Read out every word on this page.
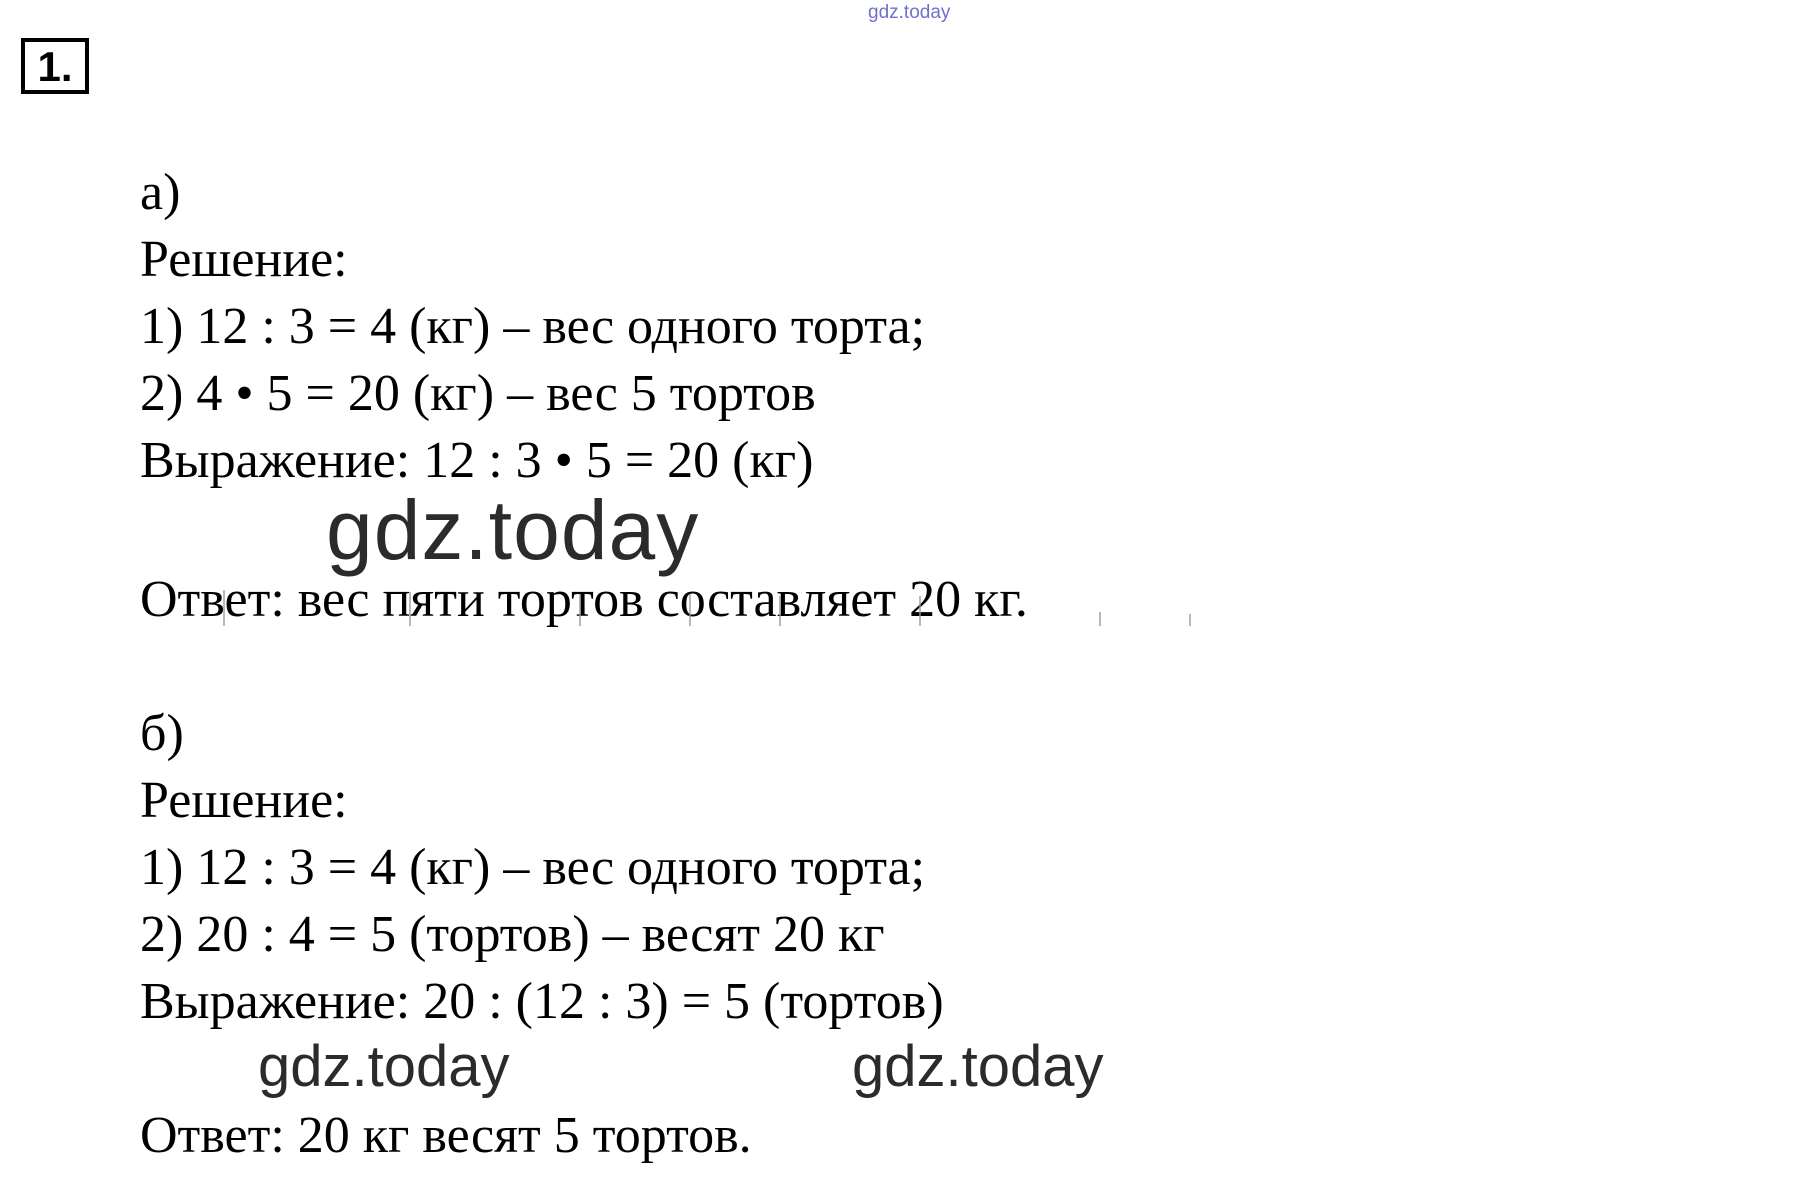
gdz.today
1.
а)
Решение:
1) 12 : 3 = 4 (кг) – вес одного торта;
2) 4 • 5 = 20 (кг) – вес 5 тортов
Выражение: 12 : 3 • 5 = 20 (кг)
gdz.today
Ответ: вес пяти тортов составляет 20 кг.
б)
Решение:
1) 12 : 3 = 4 (кг) – вес одного торта;
2) 20 : 4 = 5 (тортов) – весят 20 кг
Выражение: 20 : (12 : 3) = 5 (тортов)
gdz.today	gdz.today
Ответ: 20 кг весят 5 тортов.
